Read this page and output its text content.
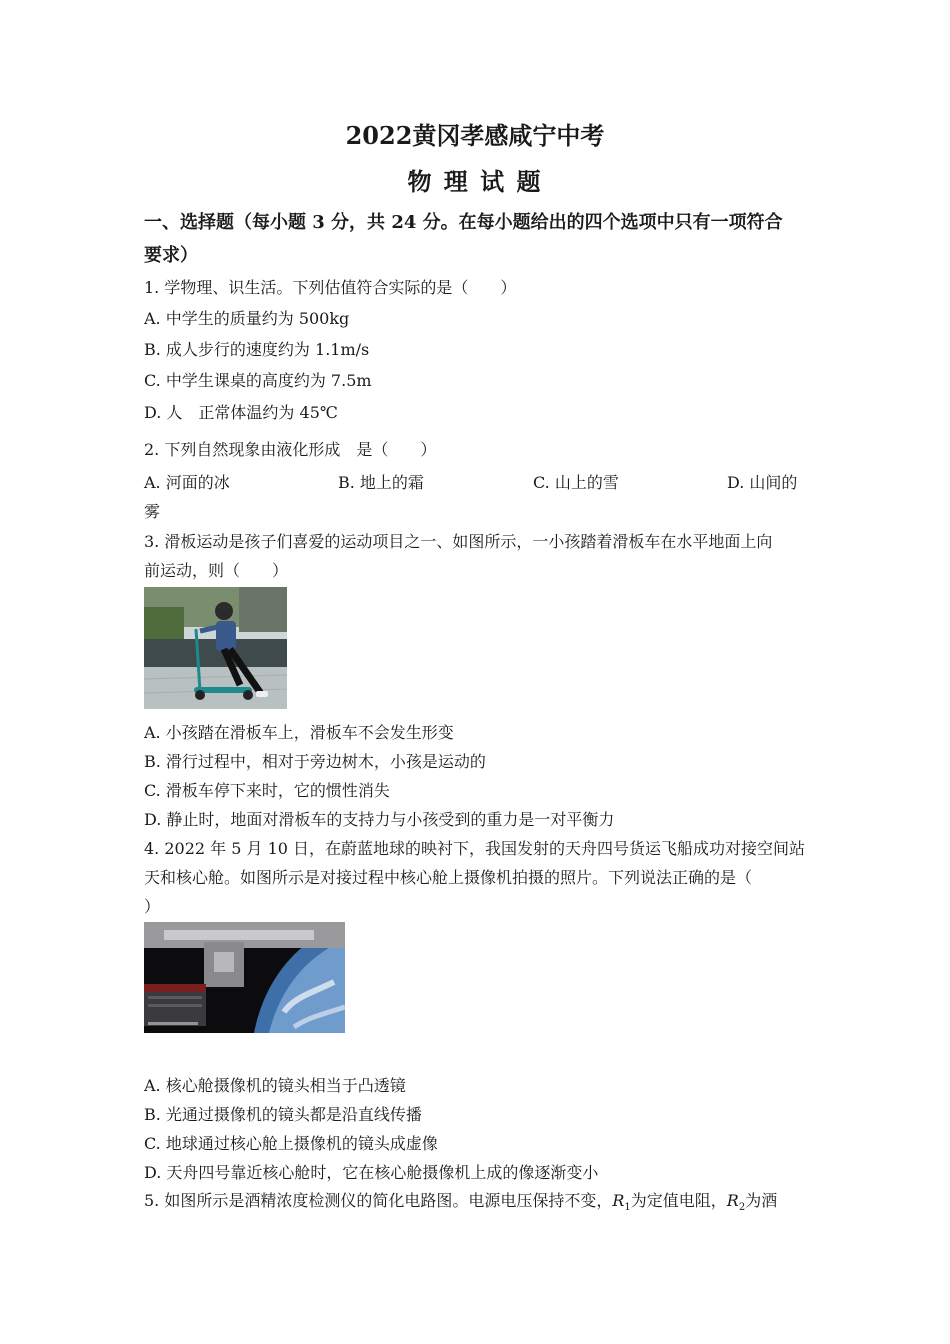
2022黄冈孝感咸宁中考
物 理 试 题
一、选择题（每小题 3 分，共 24 分。在每小题给出的四个选项中只有一项符合
要求）
1. 学物理、识生活。下列估值符合实际的是（　　）
A. 中学生的质量约为 500kg
B. 成人步行的速度约为 1.1m/s
C. 中学生课桌的高度约为 7.5m
D. 人　正常体温约为 45℃
2. 下列自然现象由液化形成　是（　　）
A. 河面的冰	B. 地上的霜	C. 山上的雪	D. 山间的
雾
3. 滑板运动是孩子们喜爱的运动项目之一、如图所示，一小孩踏着滑板车在水平地面上向
前运动，则（　　）
A. 小孩踏在滑板车上，滑板车不会发生形变
B. 滑行过程中，相对于旁边树木，小孩是运动的
C. 滑板车停下来时，它的惯性消失
D. 静止时，地面对滑板车的支持力与小孩受到的重力是一对平衡力
4. 2022 年 5 月 10 日，在蔚蓝地球的映衬下，我国发射的天舟四号货运飞船成功对接空间站
天和核心舱。如图所示是对接过程中核心舱上摄像机拍摄的照片。下列说法正确的是（
）
A. 核心舱摄像机的镜头相当于凸透镜
B. 光通过摄像机的镜头都是沿直线传播
C. 地球通过核心舱上摄像机的镜头成虚像
D. 天舟四号靠近核心舱时，它在核心舱摄像机上成的像逐渐变小
5. 如图所示是酒精浓度检测仪的简化电路图。电源电压保持不变，$R_1$为定值电阻，$R_2$为酒
